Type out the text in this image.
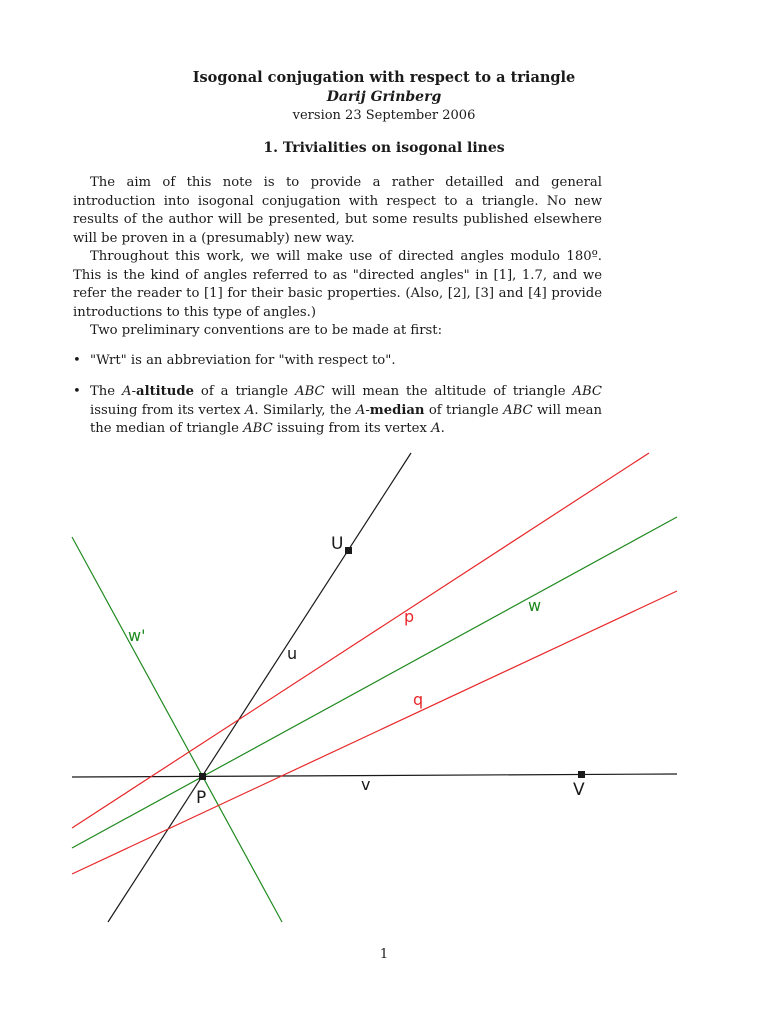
Isogonal conjugation with respect to a triangle
Darij Grinberg
version 23 September 2006
1. Trivialities on isogonal lines

The aim of this note is to provide a rather detailled and general introduction into isogonal conjugation with respect to a triangle. No new results of the author will be presented, but some results published elsewhere will be proven in a (presumably) new way.

Throughout this work, we will make use of directed angles modulo 180º. This is the kind of angles referred to as "directed angles" in [1], 1.7, and we refer the reader to [1] for their basic properties. (Also, [2], [3] and [4] provide introductions to this type of angles.)

Two preliminary conventions are to be made at first:

• "Wrt" is an abbreviation for "with respect to".
• The A-altitude of a triangle ABC will mean the altitude of triangle ABC issuing from its vertex A. Similarly, the A-median of triangle ABC will mean the median of triangle ABC issuing from its vertex A.
U
P	V
u
v
w
w'
p
q
1
